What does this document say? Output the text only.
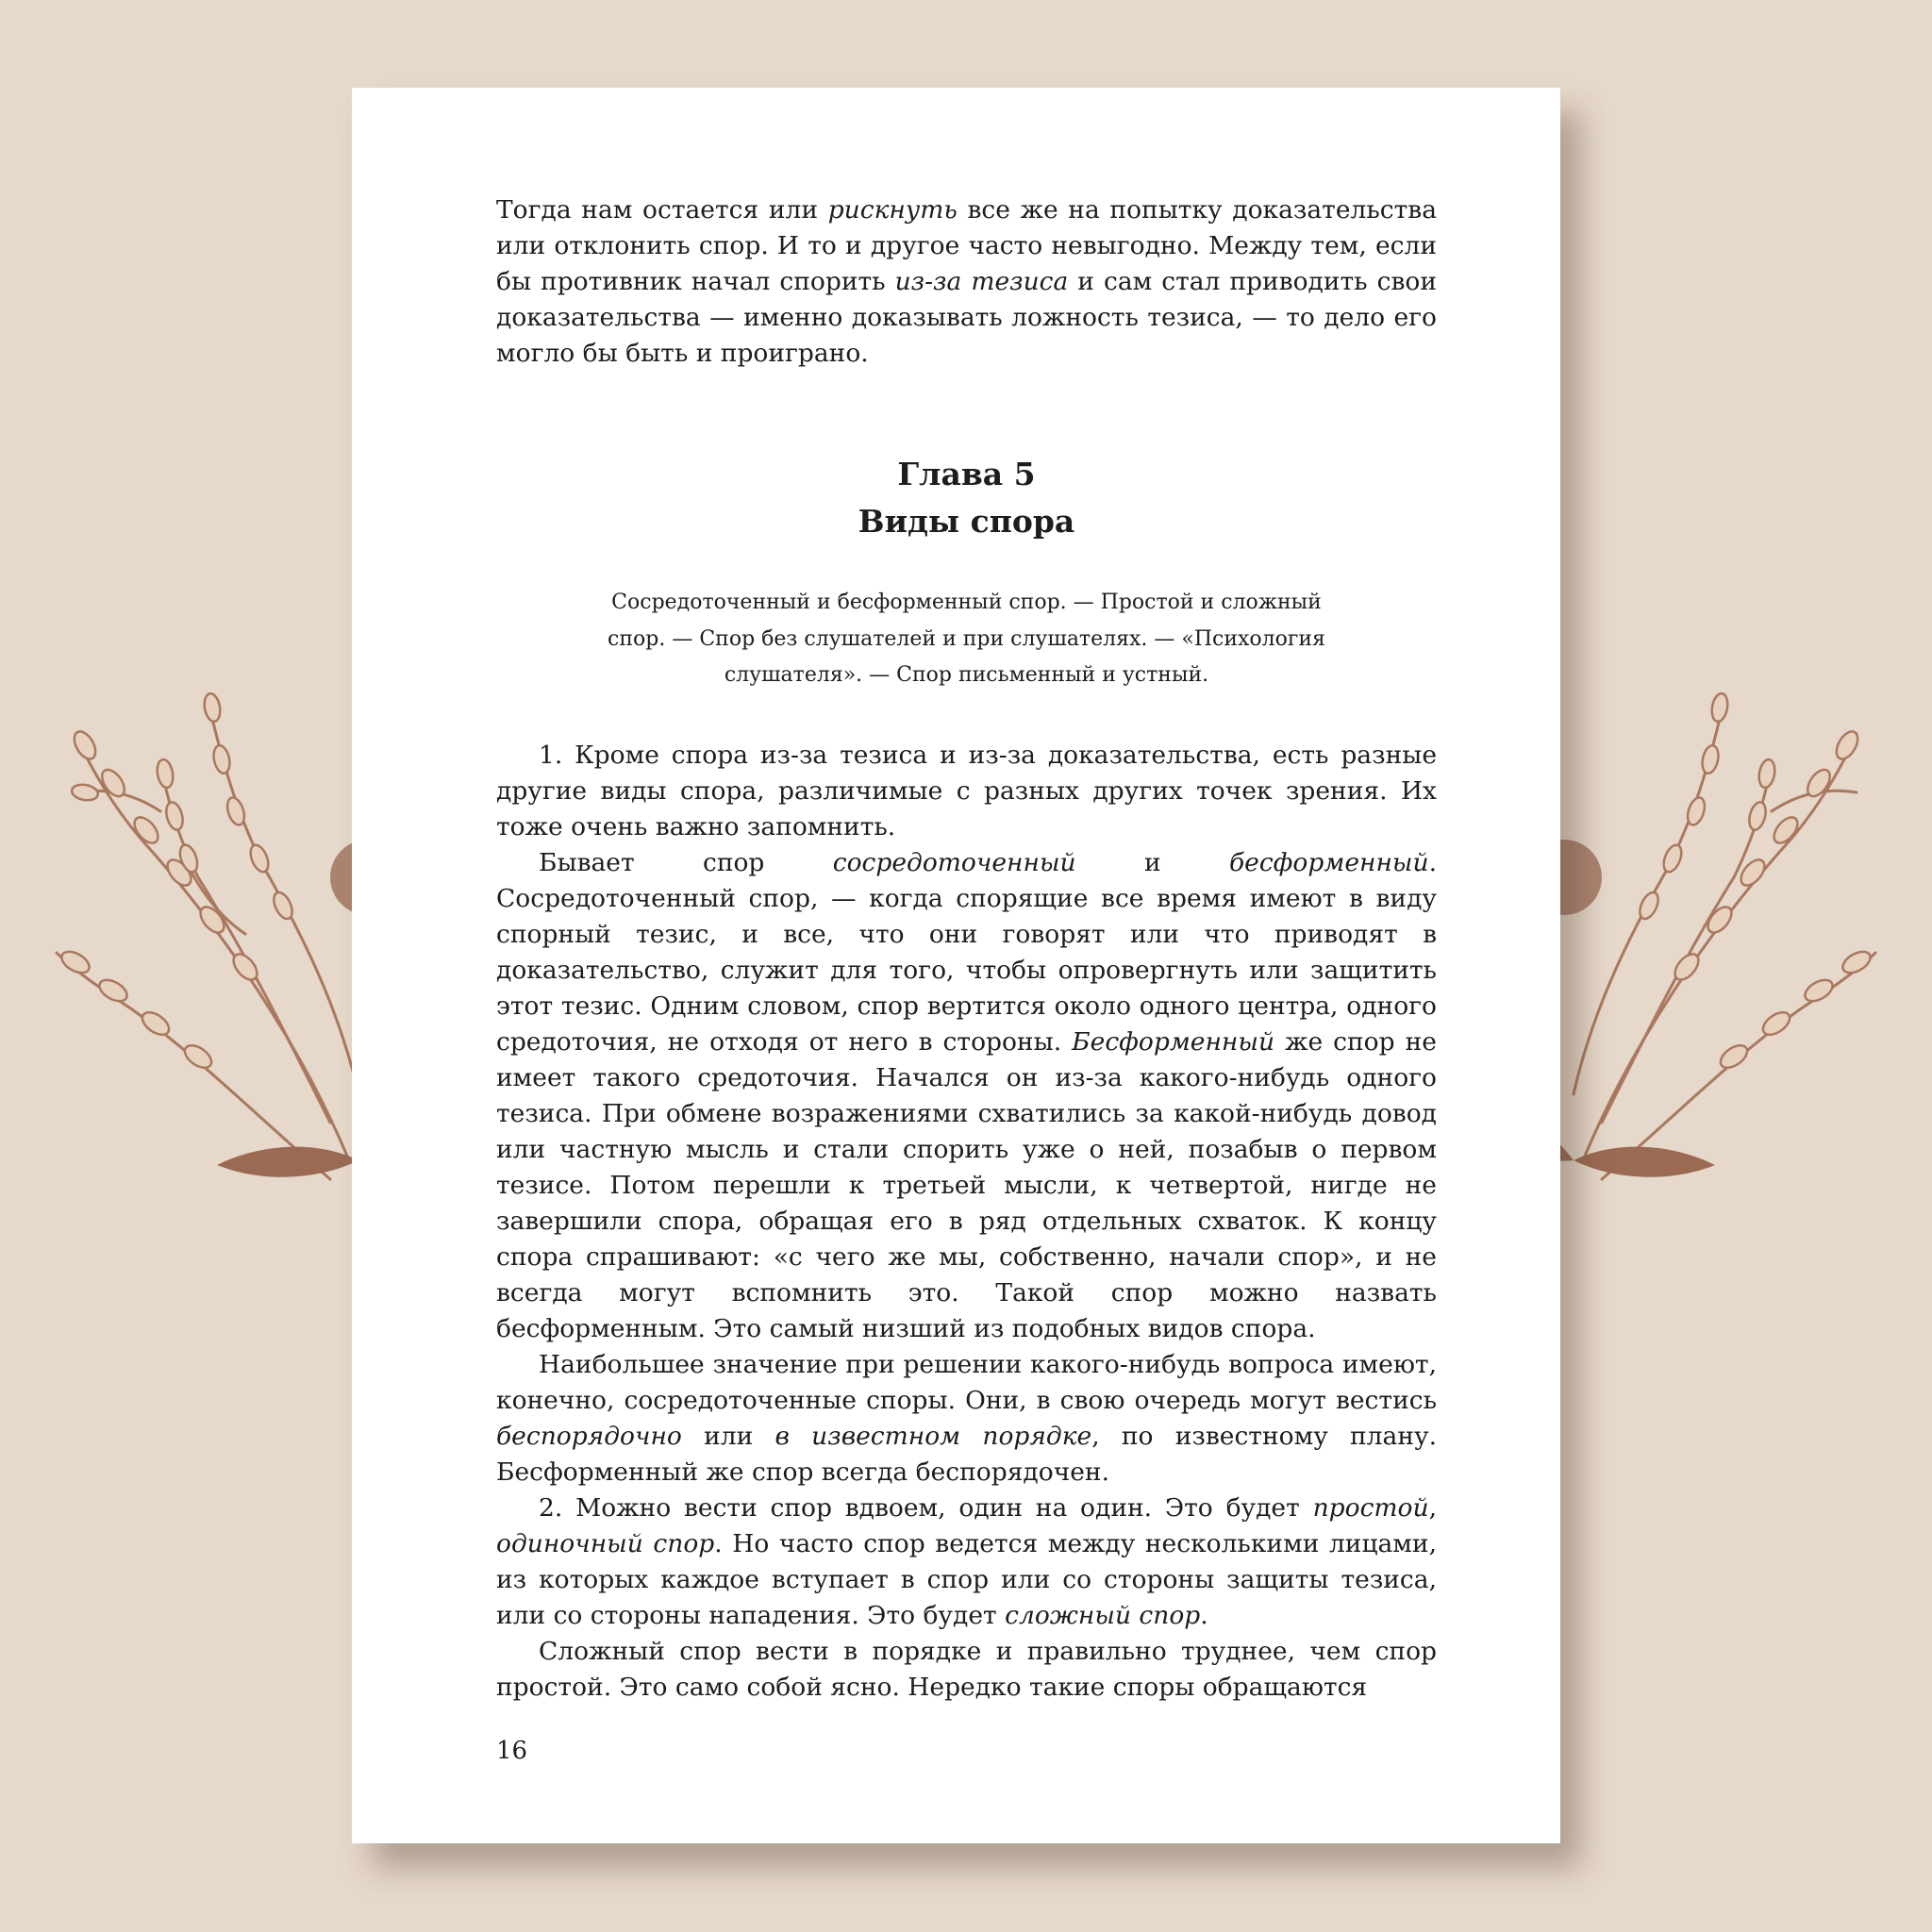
Тогда нам остается или рискнуть все же на попытку доказательства или отклонить спор. И то и другое часто невыгодно. Между тем, если бы противник начал спорить из-за тезиса и сам стал приводить свои доказательства — именно доказывать ложность тезиса, — то дело его могло бы быть и проиграно.

Глава 5
Виды спора
Сосредоточенный и бесформенный спор. — Простой и сложный спор. — Спор без слушателей и при слушателях. — «Психология слушателя». — Спор письменный и устный.

1. Кроме спора из-за тезиса и из-за доказательства, есть разные другие виды спора, различимые с разных других точек зрения. Их тоже очень важно запомнить.

Бывает спор сосредоточенный и бесформенный. Сосредоточенный спор, — когда спорящие все время имеют в виду спорный тезис, и все, что они говорят или что приводят в доказательство, служит для того, чтобы опровергнуть или защитить этот тезис. Одним словом, спор вертится около одного центра, одного средоточия, не отходя от него в стороны. Бесформенный же спор не имеет такого средоточия. Начался он из-за какого-нибудь одного тезиса. При обмене возражениями схватились за какой-нибудь довод или частную мысль и стали спорить уже о ней, позабыв о первом тезисе. Потом перешли к третьей мысли, к четвертой, нигде не завершили спора, обращая его в ряд отдельных схваток. К концу спора спрашивают: «с чего же мы, собственно, начали спор», и не всегда могут вспомнить это. Такой спор можно назвать бесформенным. Это самый низший из подобных видов спора.

Наибольшее значение при решении какого-нибудь вопроса имеют, конечно, сосредоточенные споры. Они, в свою очередь могут вестись беспорядочно или в известном порядке, по известному плану. Бесформенный же спор всегда беспорядочен.

2. Можно вести спор вдвоем, один на один. Это будет простой, одиночный спор. Но часто спор ведется между несколькими лицами, из которых каждое вступает в спор или со стороны защиты тезиса, или со стороны нападения. Это будет сложный спор.

Сложный спор вести в порядке и правильно труднее, чем спор простой. Это само собой ясно. Нередко такие споры обращаются

16
